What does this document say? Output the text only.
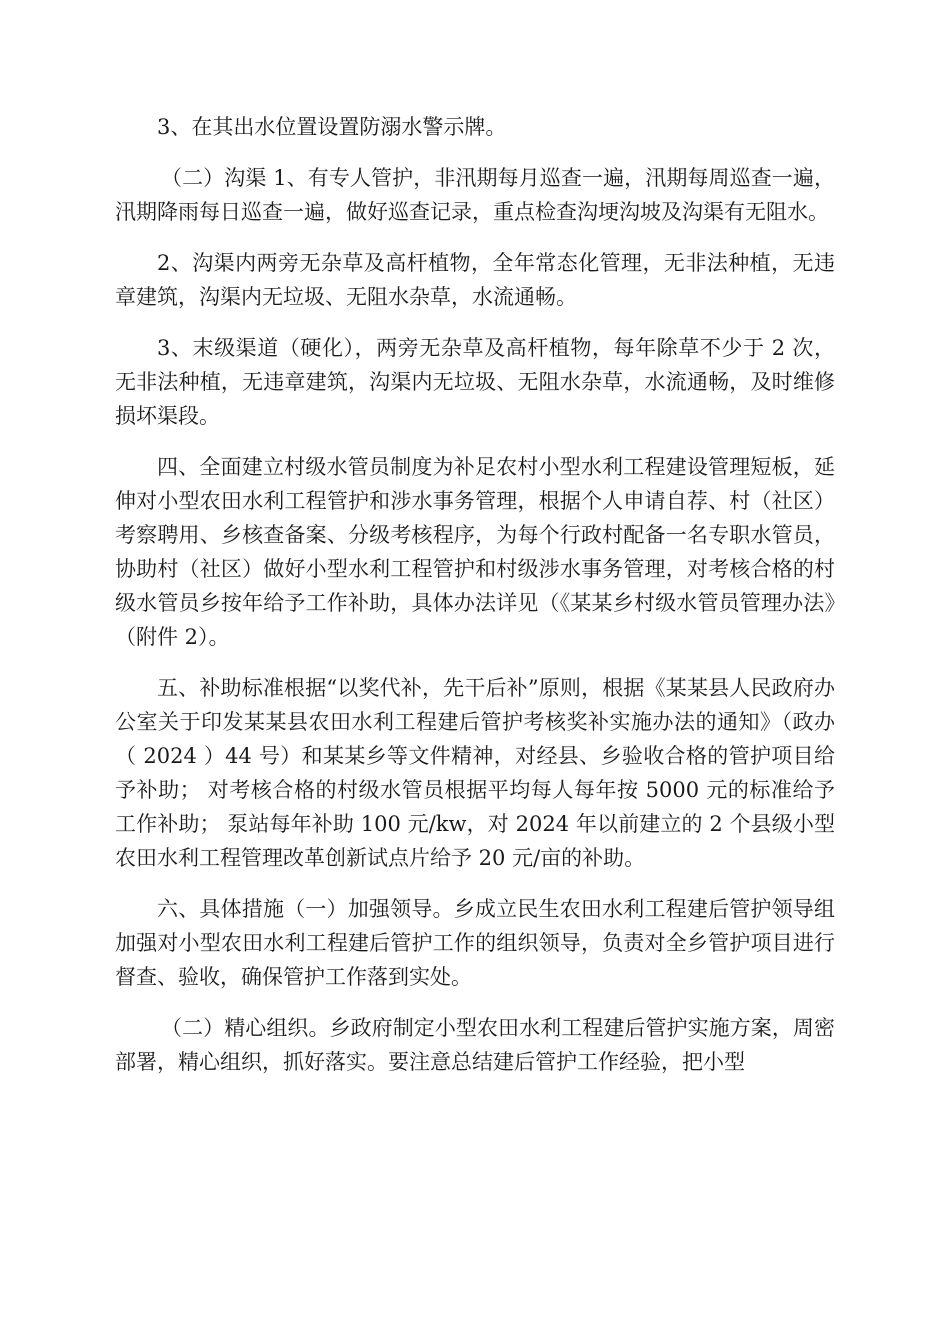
3、在其出水位置设置防溺水警示牌。

（二）沟渠 1、有专人管护，非汛期每月巡查一遍，汛期每周巡查一遍，汛期降雨每日巡查一遍，做好巡查记录，重点检查沟埂沟坡及沟渠有无阻水。

2、沟渠内两旁无杂草及高杆植物，全年常态化管理，无非法种植，无违章建筑，沟渠内无垃圾、无阻水杂草，水流通畅。

3、末级渠道（硬化），两旁无杂草及高杆植物，每年除草不少于 2 次，无非法种植，无违章建筑，沟渠内无垃圾、无阻水杂草，水流通畅，及时维修损坏渠段。

四、全面建立村级水管员制度为补足农村小型水利工程建设管理短板，延伸对小型农田水利工程管护和涉水事务管理，根据个人申请自荐、村（社区）考察聘用、乡核查备案、分级考核程序，为每个行政村配备一名专职水管员，协助村（社区）做好小型水利工程管护和村级涉水事务管理，对考核合格的村级水管员乡按年给予工作补助，具体办法详见（《某某乡村级水管员管理办法》（附件 2）。

五、补助标准根据“以奖代补，先干后补”原则，根据《某某县人民政府办公室关于印发某某县农田水利工程建后管护考核奖补实施办法的通知》（政办（ 2024 ）44 号）和某某乡等文件精神，对经县、乡验收合格的管护项目给予补助； 对考核合格的村级水管员根据平均每人每年按 5000 元的标准给予工作补助； 泵站每年补助 100 元/kw，对 2024 年以前建立的 2 个县级小型农田水利工程管理改革创新试点片给予 20 元/亩的补助。

六、具体措施（一）加强领导。乡成立民生农田水利工程建后管护领导组加强对小型农田水利工程建后管护工作的组织领导，负责对全乡管护项目进行督查、验收，确保管护工作落到实处。

（二）精心组织。乡政府制定小型农田水利工程建后管护实施方案，周密部署，精心组织，抓好落实。要注意总结建后管护工作经验，把小型
